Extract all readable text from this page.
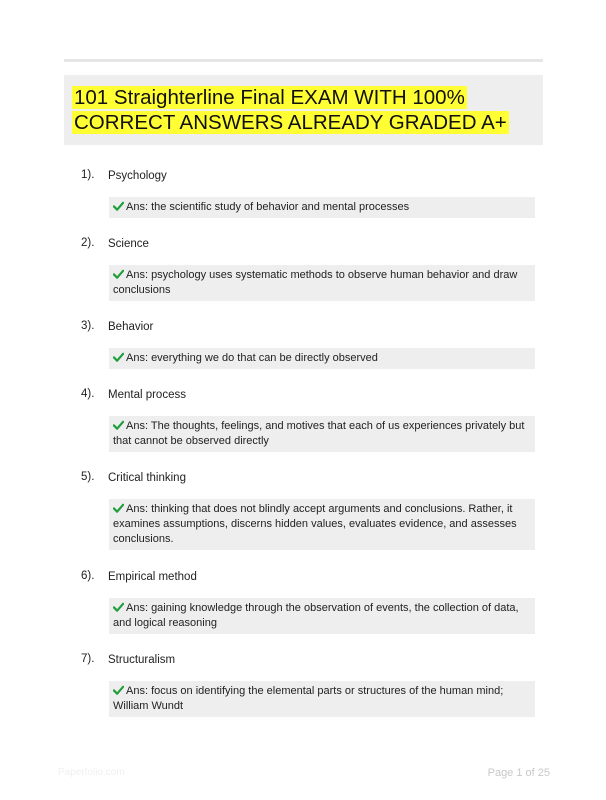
101 Straighterline Final EXAM WITH 100% CORRECT ANSWERS ALREADY GRADED A+
1). Psychology
Ans: the scientific study of behavior and mental processes
2). Science
Ans: psychology uses systematic methods to observe human behavior and draw conclusions
3). Behavior
Ans: everything we do that can be directly observed
4). Mental process
Ans: The thoughts, feelings, and motives that each of us experiences privately but that cannot be observed directly
5). Critical thinking
Ans: thinking that does not blindly accept arguments and conclusions. Rather, it examines assumptions, discerns hidden values, evaluates evidence, and assesses conclusions.
6). Empirical method
Ans: gaining knowledge through the observation of events, the collection of data, and logical reasoning
7). Structuralism
Ans: focus on identifying the elemental parts or structures of the human mind; William Wundt
Paperfolio.com	Page 1 of 25
